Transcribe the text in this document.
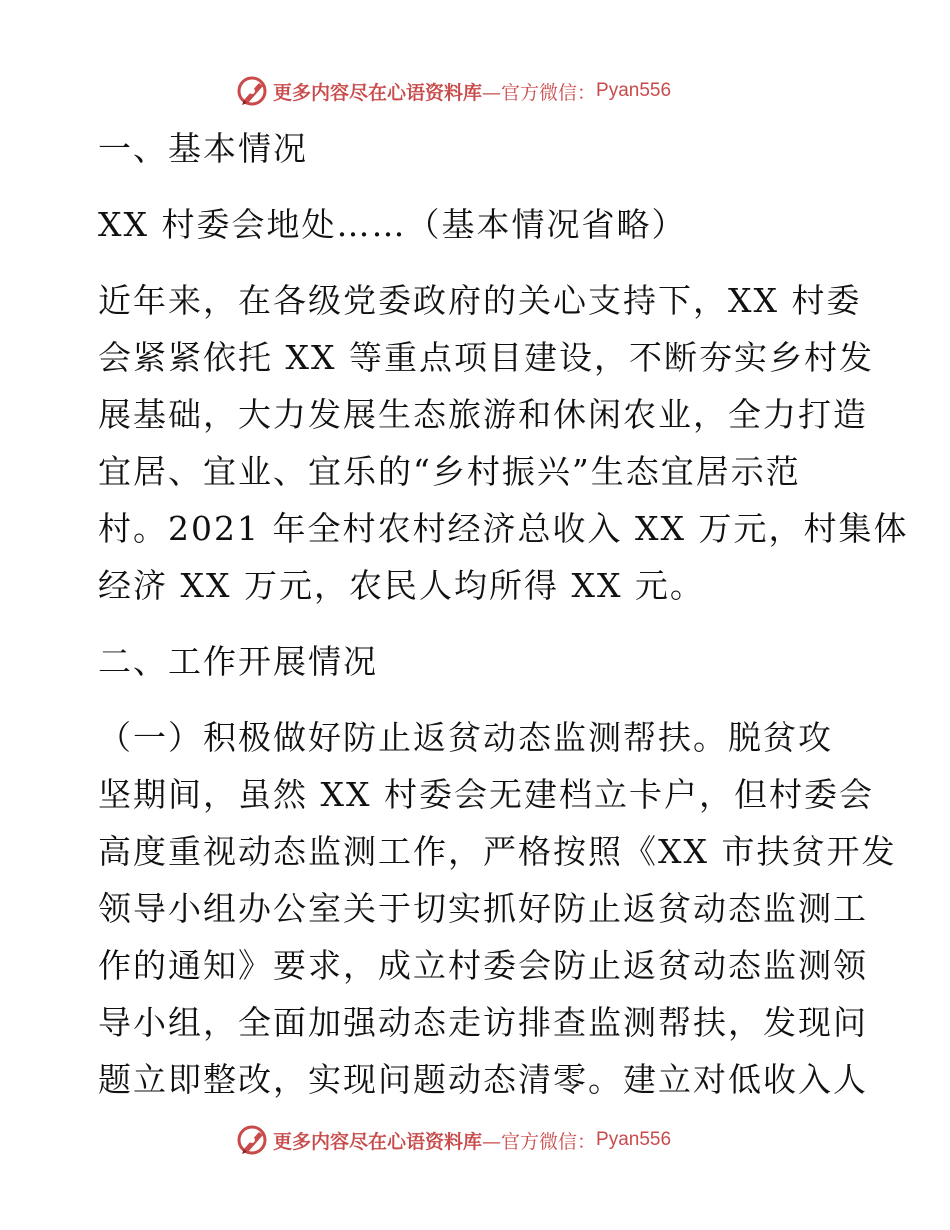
更多内容尽在心语资料库 —官方微信： Pyan556
一、基本情况
XX 村委会地处……（基本情况省略）
近年来，在各级党委政府的关心支持下，XX 村委
会紧紧依托 XX 等重点项目建设，不断夯实乡村发
展基础，大力发展生态旅游和休闲农业，全力打造
宜居、宜业、宜乐的“乡村振兴”生态宜居示范
村。2021 年全村农村经济总收入 XX 万元，村集体
经济 XX 万元，农民人均所得 XX 元。
二、工作开展情况
（一）积极做好防止返贫动态监测帮扶。脱贫攻
坚期间，虽然 XX 村委会无建档立卡户，但村委会
高度重视动态监测工作，严格按照《XX 市扶贫开发
领导小组办公室关于切实抓好防止返贫动态监测工
作的通知》要求，成立村委会防止返贫动态监测领
导小组，全面加强动态走访排查监测帮扶，发现问
题立即整改，实现问题动态清零。建立对低收入人
更多内容尽在心语资料库 —官方微信： Pyan556
